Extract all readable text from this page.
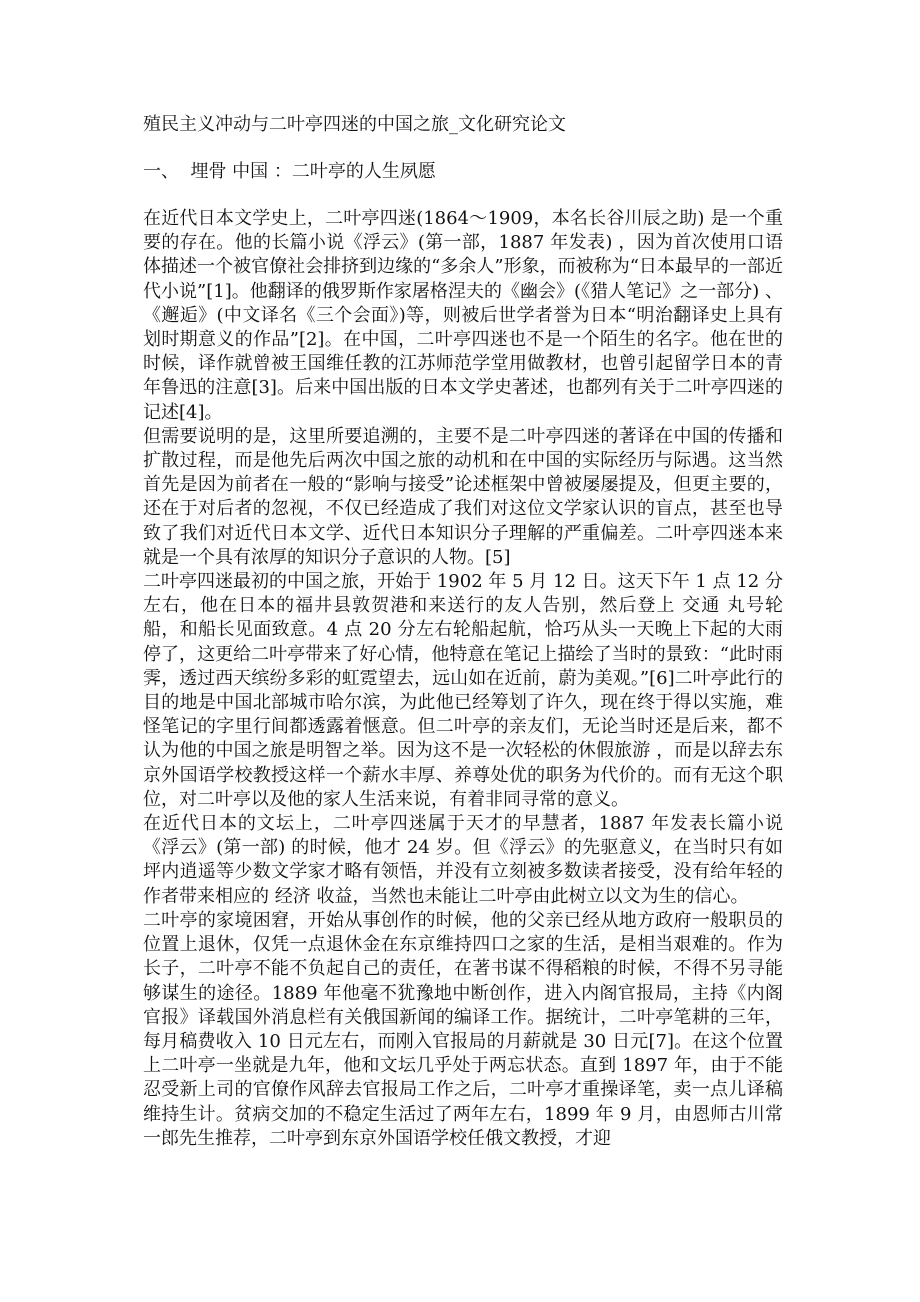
殖民主义冲动与二叶亭四迷的中国之旅_文化研究论文
一、  埋骨 中国 ：二叶亭的人生夙愿

在近代日本文学史上，二叶亭四迷(1864～1909，本名长谷川辰之助) 是一个重要的存在。他的长篇小说《浮云》(第一部，1887 年发表) ，因为首次使用口语体描述一个被官僚社会排挤到边缘的“多余人”形象，而被称为“日本最早的一部近代小说”[1]。他翻译的俄罗斯作家屠格涅夫的《幽会》(《猎人笔记》之一部分) 、《邂逅》(中文译名《三个会面》)等，则被后世学者誉为日本“明治翻译史上具有划时期意义的作品”[2]。在中国，二叶亭四迷也不是一个陌生的名字。他在世的时候，译作就曾被王国维任教的江苏师范学堂用做教材，也曾引起留学日本的青年鲁迅的注意[3]。后来中国出版的日本文学史著述，也都列有关于二叶亭四迷的记述[4]。

但需要说明的是，这里所要追溯的，主要不是二叶亭四迷的著译在中国的传播和扩散过程，而是他先后两次中国之旅的动机和在中国的实际经历与际遇。这当然首先是因为前者在一般的“影响与接受”论述框架中曾被屡屡提及，但更主要的，还在于对后者的忽视，不仅已经造成了我们对这位文学家认识的盲点，甚至也导致了我们对近代日本文学、近代日本知识分子理解的严重偏差。二叶亭四迷本来就是一个具有浓厚的知识分子意识的人物。[5]

二叶亭四迷最初的中国之旅，开始于 1902 年 5 月 12 日。这天下午 1 点 12 分左右，他在日本的福井县敦贺港和来送行的友人告别，然后登上 交通 丸号轮船，和船长见面致意。4 点 20 分左右轮船起航，恰巧从头一天晚上下起的大雨停了，这更给二叶亭带来了好心情，他特意在笔记上描绘了当时的景致：“此时雨霁，透过西天缤纷多彩的虹霓望去，远山如在近前，蔚为美观。”[6]二叶亭此行的目的地是中国北部城市哈尔滨，为此他已经筹划了许久，现在终于得以实施，难怪笔记的字里行间都透露着惬意。但二叶亭的亲友们，无论当时还是后来，都不认为他的中国之旅是明智之举。因为这不是一次轻松的休假旅游 ，而是以辞去东京外国语学校教授这样一个薪水丰厚、养尊处优的职务为代价的。而有无这个职位，对二叶亭以及他的家人生活来说，有着非同寻常的意义。

在近代日本的文坛上，二叶亭四迷属于天才的早慧者，1887 年发表长篇小说《浮云》(第一部) 的时候，他才 24 岁。但《浮云》的先驱意义，在当时只有如坪内逍遥等少数文学家才略有领悟，并没有立刻被多数读者接受，没有给年轻的作者带来相应的 经济 收益，当然也未能让二叶亭由此树立以文为生的信心。

二叶亭的家境困窘，开始从事创作的时候，他的父亲已经从地方政府一般职员的位置上退休，仅凭一点退休金在东京维持四口之家的生活，是相当艰难的。作为长子，二叶亭不能不负起自己的责任，在著书谋不得稻粮的时候，不得不另寻能够谋生的途径。1889 年他毫不犹豫地中断创作，进入内阁官报局，主持《内阁官报》译载国外消息栏有关俄国新闻的编译工作。据统计，二叶亭笔耕的三年，每月稿费收入 10 日元左右，而刚入官报局的月薪就是 30 日元[7]。在这个位置上二叶亭一坐就是九年，他和文坛几乎处于两忘状态。直到 1897 年，由于不能忍受新上司的官僚作风辞去官报局工作之后，二叶亭才重操译笔，卖一点儿译稿维持生计。贫病交加的不稳定生活过了两年左右，1899 年 9 月，由恩师古川常一郎先生推荐，二叶亭到东京外国语学校任俄文教授，才迎
